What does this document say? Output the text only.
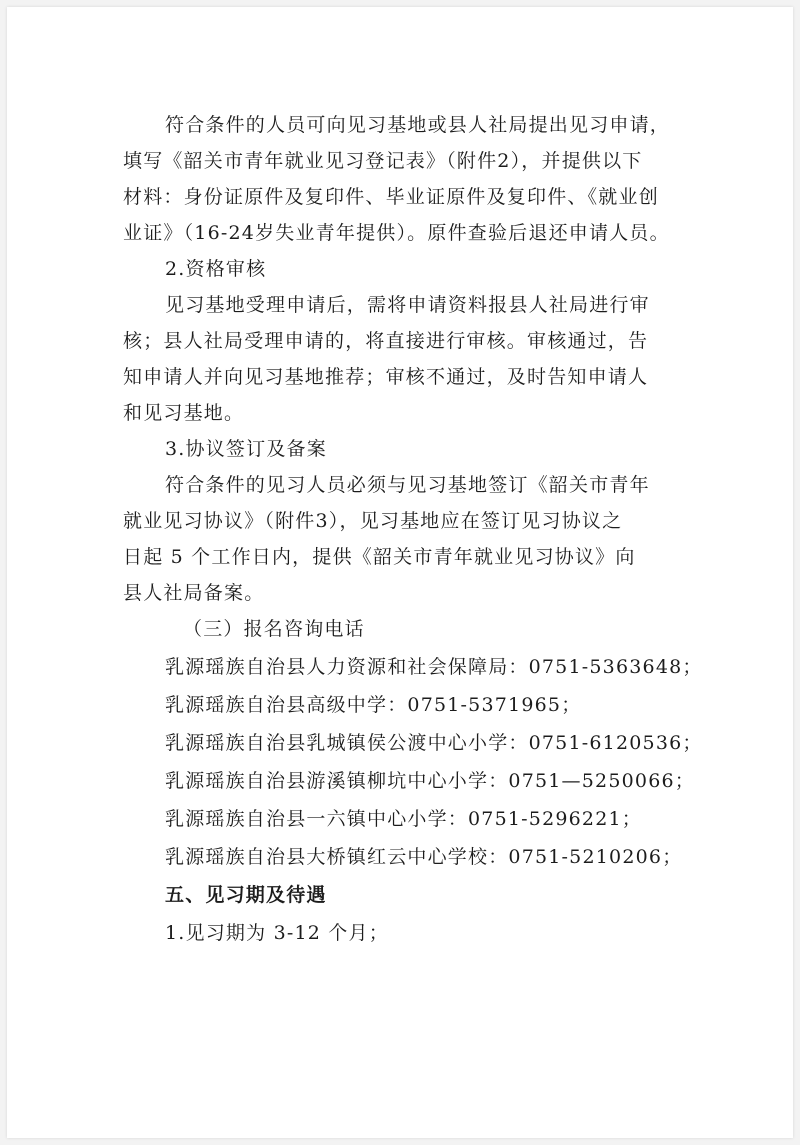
符合条件的人员可向见习基地或县人社局提出见习申请，
填写《韶关市青年就业见习登记表》（附件2），并提供以下
材料：身份证原件及复印件、毕业证原件及复印件、《就业创
业证》（16-24岁失业青年提供）。原件查验后退还申请人员。
2.资格审核
见习基地受理申请后，需将申请资料报县人社局进行审
核；县人社局受理申请的，将直接进行审核。审核通过，告
知申请人并向见习基地推荐；审核不通过，及时告知申请人
和见习基地。
3.协议签订及备案
符合条件的见习人员必须与见习基地签订《韶关市青年
就业见习协议》（附件3），见习基地应在签订见习协议之
日起 5 个工作日内，提供《韶关市青年就业见习协议》向
县人社局备案。
（三）报名咨询电话
乳源瑶族自治县人力资源和社会保障局：0751-5363648；
乳源瑶族自治县高级中学：0751-5371965；
乳源瑶族自治县乳城镇侯公渡中心小学：0751-6120536；
乳源瑶族自治县游溪镇柳坑中心小学：0751—5250066；
乳源瑶族自治县一六镇中心小学：0751-5296221；
乳源瑶族自治县大桥镇红云中心学校：0751-5210206；
五、见习期及待遇
1.见习期为 3-12 个月；
